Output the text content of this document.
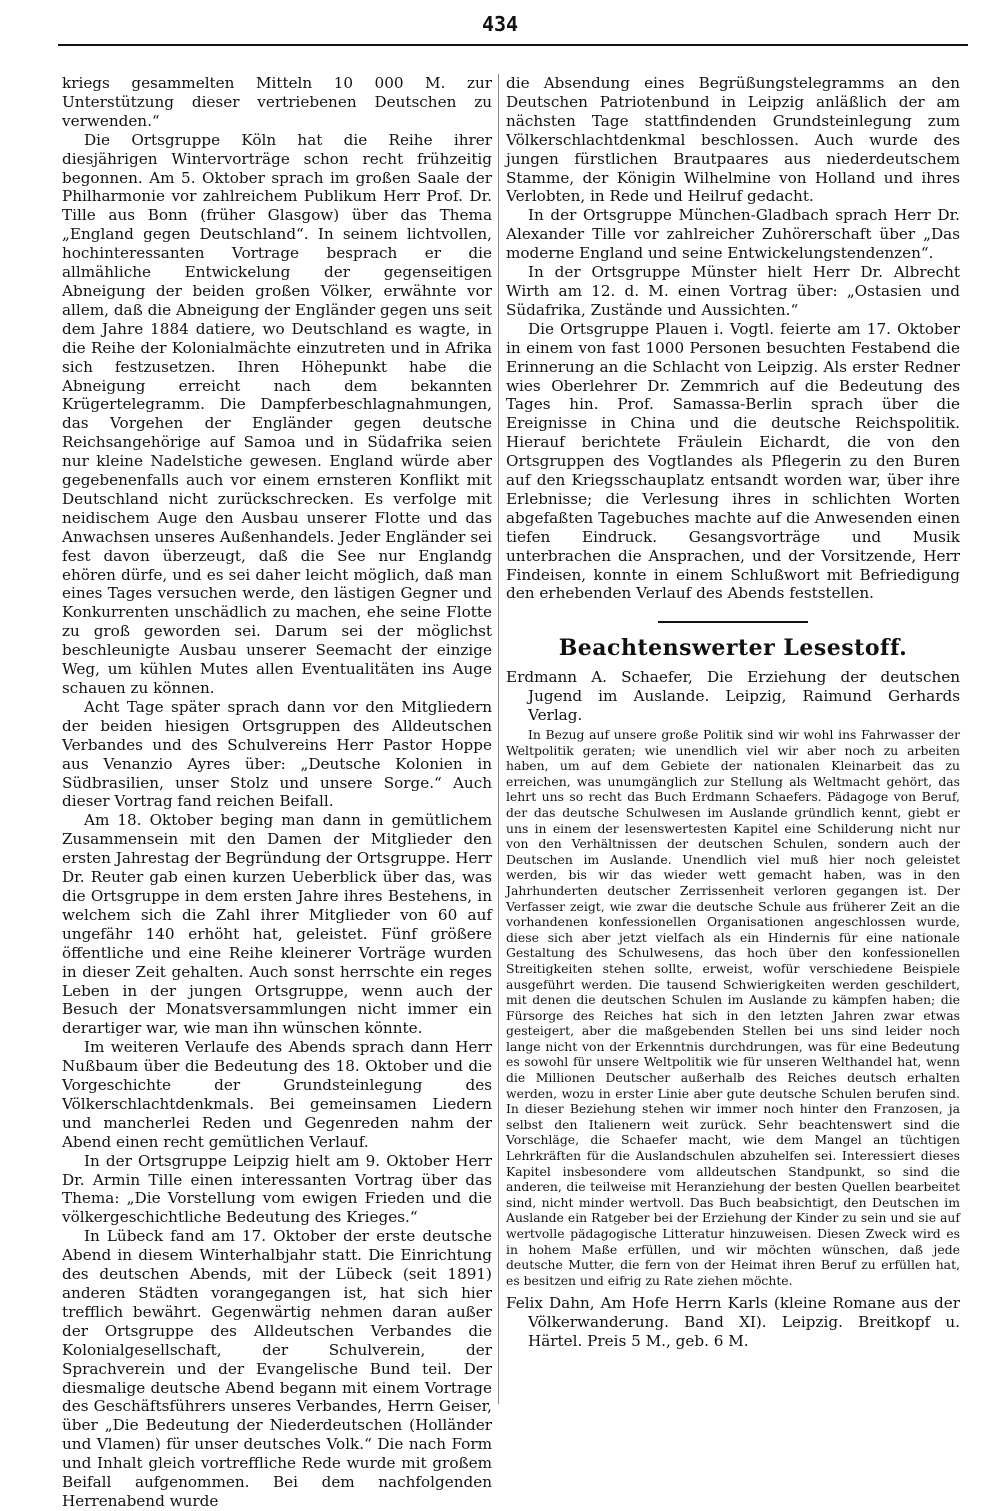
434

kriegs gesammelten Mitteln 10 000 M. zur Unterstützung dieser vertriebenen Deutschen zu verwenden.“

Die Ortsgruppe Köln hat die Reihe ihrer diesjährigen Wintervorträge schon recht frühzeitig begonnen. Am 5. Oktober sprach im großen Saale der Philharmonie vor zahlreichem Publikum Herr Prof. Dr. Tille aus Bonn (früher Glasgow) über das Thema „England gegen Deutschland“. In seinem lichtvollen, hochinteressanten Vortrage besprach er die allmähliche Entwickelung der gegenseitigen Abneigung der beiden großen Völker, erwähnte vor allem, daß die Abneigung der Engländer gegen uns seit dem Jahre 1884 datiere, wo Deutschland es wagte, in die Reihe der Kolonialmächte einzutreten und in Afrika sich festzusetzen. Ihren Höhepunkt habe die Abneigung erreicht nach dem bekannten Krügertelegramm. Die Dampferbeschlagnahmungen, das Vorgehen der Engländer gegen deutsche Reichsangehörige auf Samoa und in Südafrika seien nur kleine Nadelstiche gewesen. England würde aber gegebenenfalls auch vor einem ernsteren Konflikt mit Deutschland nicht zurückschrecken. Es verfolge mit neidischem Auge den Ausbau unserer Flotte und das Anwachsen unseres Außenhandels. Jeder Engländer sei fest davon überzeugt, daß die See nur Englandg ehören dürfe, und es sei daher leicht möglich, daß man eines Tages versuchen werde, den lästigen Gegner und Konkurrenten unschädlich zu machen, ehe seine Flotte zu groß geworden sei. Darum sei der möglichst beschleunigte Ausbau unserer Seemacht der einzige Weg, um kühlen Mutes allen Eventualitäten ins Auge schauen zu können.

Acht Tage später sprach dann vor den Mitgliedern der beiden hiesigen Ortsgruppen des Alldeutschen Verbandes und des Schulvereins Herr Pastor Hoppe aus Venanzio Ayres über: „Deutsche Kolonien in Südbrasilien, unser Stolz und unsere Sorge.“ Auch dieser Vortrag fand reichen Beifall.

Am 18. Oktober beging man dann in gemütlichem Zusammensein mit den Damen der Mitglieder den ersten Jahrestag der Begründung der Ortsgruppe. Herr Dr. Reuter gab einen kurzen Ueberblick über das, was die Ortsgruppe in dem ersten Jahre ihres Bestehens, in welchem sich die Zahl ihrer Mitglieder von 60 auf ungefähr 140 erhöht hat, geleistet. Fünf größere öffentliche und eine Reihe kleinerer Vorträge wurden in dieser Zeit gehalten. Auch sonst herrschte ein reges Leben in der jungen Ortsgruppe, wenn auch der Besuch der Monatsversammlungen nicht immer ein derartiger war, wie man ihn wünschen könnte.

Im weiteren Verlaufe des Abends sprach dann Herr Nußbaum über die Bedeutung des 18. Oktober und die Vorgeschichte der Grundsteinlegung des Völkerschlachtdenkmals. Bei gemeinsamen Liedern und mancherlei Reden und Gegenreden nahm der Abend einen recht gemütlichen Verlauf.

In der Ortsgruppe Leipzig hielt am 9. Oktober Herr Dr. Armin Tille einen interessanten Vortrag über das Thema: „Die Vorstellung vom ewigen Frieden und die völkergeschichtliche Bedeutung des Krieges.“

In Lübeck fand am 17. Oktober der erste deutsche Abend in diesem Winterhalbjahr statt. Die Einrichtung des deutschen Abends, mit der Lübeck (seit 1891) anderen Städten vorangegangen ist, hat sich hier trefflich bewährt. Gegenwärtig nehmen daran außer der Ortsgruppe des Alldeutschen Verbandes die Kolonialgesellschaft, der Schulverein, der Sprachverein und der Evangelische Bund teil. Der diesmalige deutsche Abend begann mit einem Vortrage des Geschäftsführers unseres Verbandes, Herrn Geiser, über „Die Bedeutung der Niederdeutschen (Holländer und Vlamen) für unser deutsches Volk.“ Die nach Form und Inhalt gleich vortreffliche Rede wurde mit großem Beifall aufgenommen. Bei dem nachfolgenden Herrenabend wurde

die Absendung eines Begrüßungstelegramms an den Deutschen Patriotenbund in Leipzig anläßlich der am nächsten Tage stattfindenden Grundsteinlegung zum Völkerschlachtdenkmal beschlossen. Auch wurde des jungen fürstlichen Brautpaares aus niederdeutschem Stamme, der Königin Wilhelmine von Holland und ihres Verlobten, in Rede und Heilruf gedacht.

In der Ortsgruppe München-Gladbach sprach Herr Dr. Alexander Tille vor zahlreicher Zuhörerschaft über „Das moderne England und seine Entwickelungstendenzen“.

In der Ortsgruppe Münster hielt Herr Dr. Albrecht Wirth am 12. d. M. einen Vortrag über: „Ostasien und Südafrika, Zustände und Aussichten.“

Die Ortsgruppe Plauen i. Vogtl. feierte am 17. Oktober in einem von fast 1000 Personen besuchten Festabend die Erinnerung an die Schlacht von Leipzig. Als erster Redner wies Oberlehrer Dr. Zemmrich auf die Bedeutung des Tages hin. Prof. Samassa-Berlin sprach über die Ereignisse in China und die deutsche Reichspolitik. Hierauf berichtete Fräulein Eichardt, die von den Ortsgruppen des Vogtlandes als Pflegerin zu den Buren auf den Kriegsschauplatz entsandt worden war, über ihre Erlebnisse; die Verlesung ihres in schlichten Worten abgefaßten Tagebuches machte auf die Anwesenden einen tiefen Eindruck. Gesangsvorträge und Musik unterbrachen die Ansprachen, und der Vorsitzende, Herr Findeisen, konnte in einem Schlußwort mit Befriedigung den erhebenden Verlauf des Abends feststellen.

Beachtenswerter Lesestoff.

Erdmann A. Schaefer, Die Erziehung der deutschen Jugend im Auslande. Leipzig, Raimund Gerhards Verlag.

In Bezug auf unsere große Politik sind wir wohl ins Fahrwasser der Weltpolitik geraten; wie unendlich viel wir aber noch zu arbeiten haben, um auf dem Gebiete der nationalen Kleinarbeit das zu erreichen, was unumgänglich zur Stellung als Weltmacht gehört, das lehrt uns so recht das Buch Erdmann Schaefers. Pädagoge von Beruf, der das deutsche Schulwesen im Auslande gründlich kennt, giebt er uns in einem der lesenswertesten Kapitel eine Schilderung nicht nur von den Verhältnissen der deutschen Schulen, sondern auch der Deutschen im Auslande. Unendlich viel muß hier noch geleistet werden, bis wir das wieder wett gemacht haben, was in den Jahrhunderten deutscher Zerrissenheit verloren gegangen ist. Der Verfasser zeigt, wie zwar die deutsche Schule aus früherer Zeit an die vorhandenen konfessionellen Organisationen angeschlossen wurde, diese sich aber jetzt vielfach als ein Hindernis für eine nationale Gestaltung des Schulwesens, das hoch über den konfessionellen Streitigkeiten stehen sollte, erweist, wofür verschiedene Beispiele ausgeführt werden. Die tausend Schwierigkeiten werden geschildert, mit denen die deutschen Schulen im Auslande zu kämpfen haben; die Fürsorge des Reiches hat sich in den letzten Jahren zwar etwas gesteigert, aber die maßgebenden Stellen bei uns sind leider noch lange nicht von der Erkenntnis durchdrungen, was für eine Bedeutung es sowohl für unsere Weltpolitik wie für unseren Welthandel hat, wenn die Millionen Deutscher außerhalb des Reiches deutsch erhalten werden, wozu in erster Linie aber gute deutsche Schulen berufen sind. In dieser Beziehung stehen wir immer noch hinter den Franzosen, ja selbst den Italienern weit zurück. Sehr beachtenswert sind die Vorschläge, die Schaefer macht, wie dem Mangel an tüchtigen Lehrkräften für die Auslandschulen abzuhelfen sei. Interessiert dieses Kapitel insbesondere vom alldeutschen Standpunkt, so sind die anderen, die teilweise mit Heranziehung der besten Quellen bearbeitet sind, nicht minder wertvoll. Das Buch beabsichtigt, den Deutschen im Auslande ein Ratgeber bei der Erziehung der Kinder zu sein und sie auf wertvolle pädagogische Litteratur hinzuweisen. Diesen Zweck wird es in hohem Maße erfüllen, und wir möchten wünschen, daß jede deutsche Mutter, die fern von der Heimat ihren Beruf zu erfüllen hat, es besitzen und eifrig zu Rate ziehen möchte.

Felix Dahn, Am Hofe Herrn Karls (kleine Romane aus der Völkerwanderung. Band XI). Leipzig. Breitkopf u. Härtel. Preis 5 M., geb. 6 M.
